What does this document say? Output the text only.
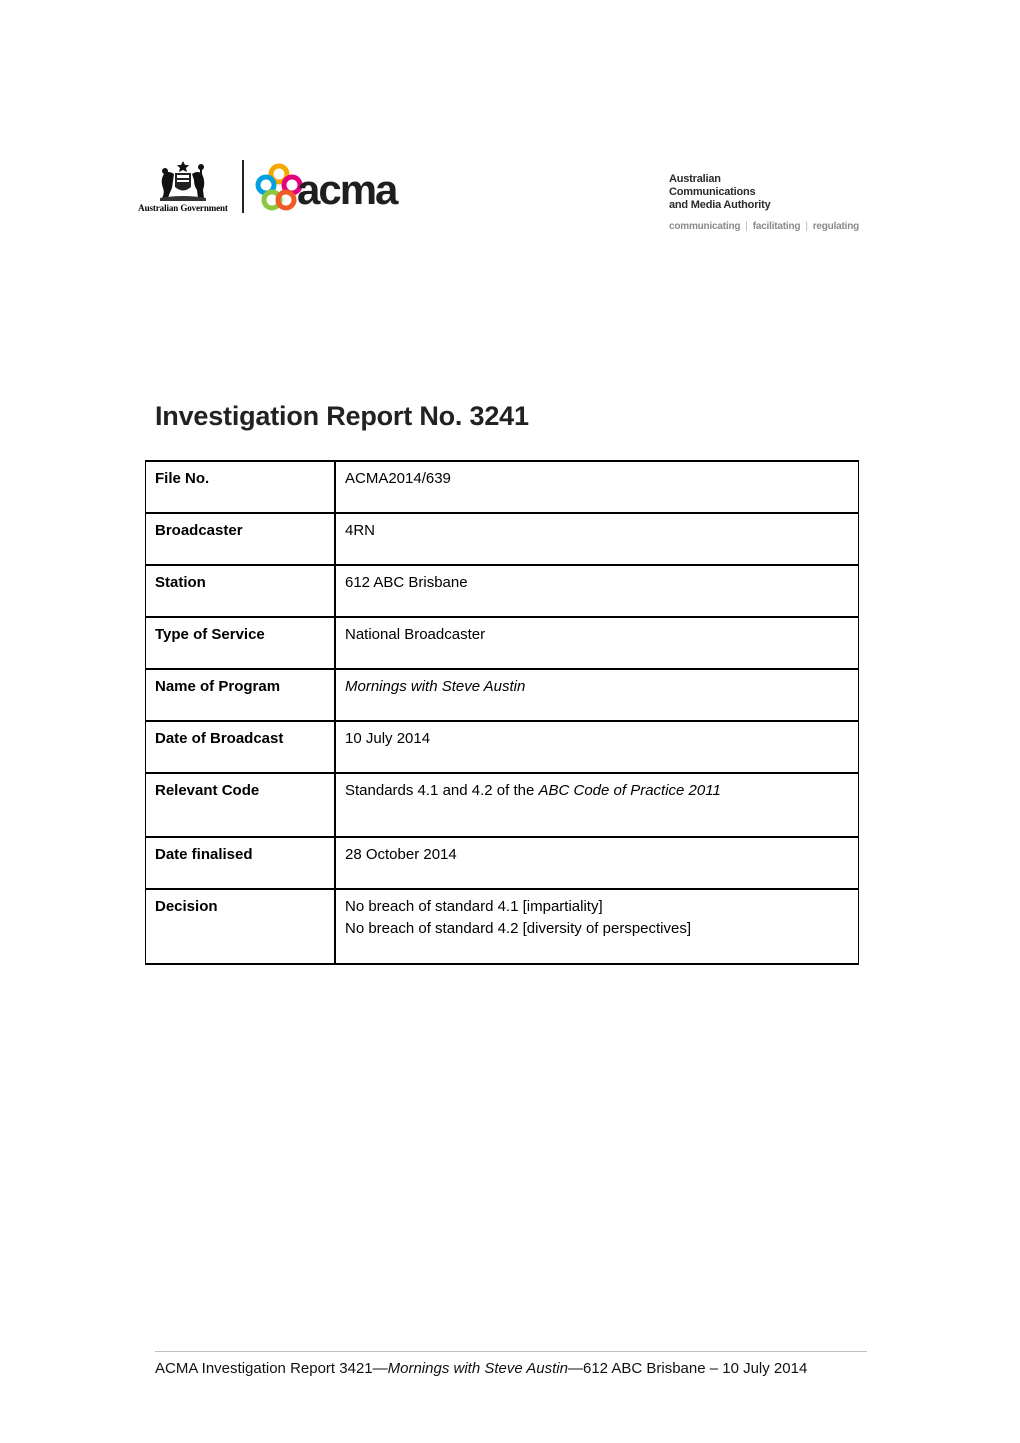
Australian Government acma	Australian
Communications
and Media Authority
communicating | facilitating | regulating
Investigation Report No. 3241
File No.	ACMA2014/639
Broadcaster	4RN
Station	612 ABC Brisbane
Type of Service	National Broadcaster
Name of Program	Mornings with Steve Austin
Date of Broadcast	10 July 2014
Relevant Code	Standards 4.1 and 4.2 of the ABC Code of Practice 2011
Date finalised	28 October 2014
Decision	No breach of standard 4.1 [impartiality]
No breach of standard 4.2 [diversity of perspectives]
ACMA Investigation Report 3421—Mornings with Steve Austin—612 ABC Brisbane – 10 July 2014
